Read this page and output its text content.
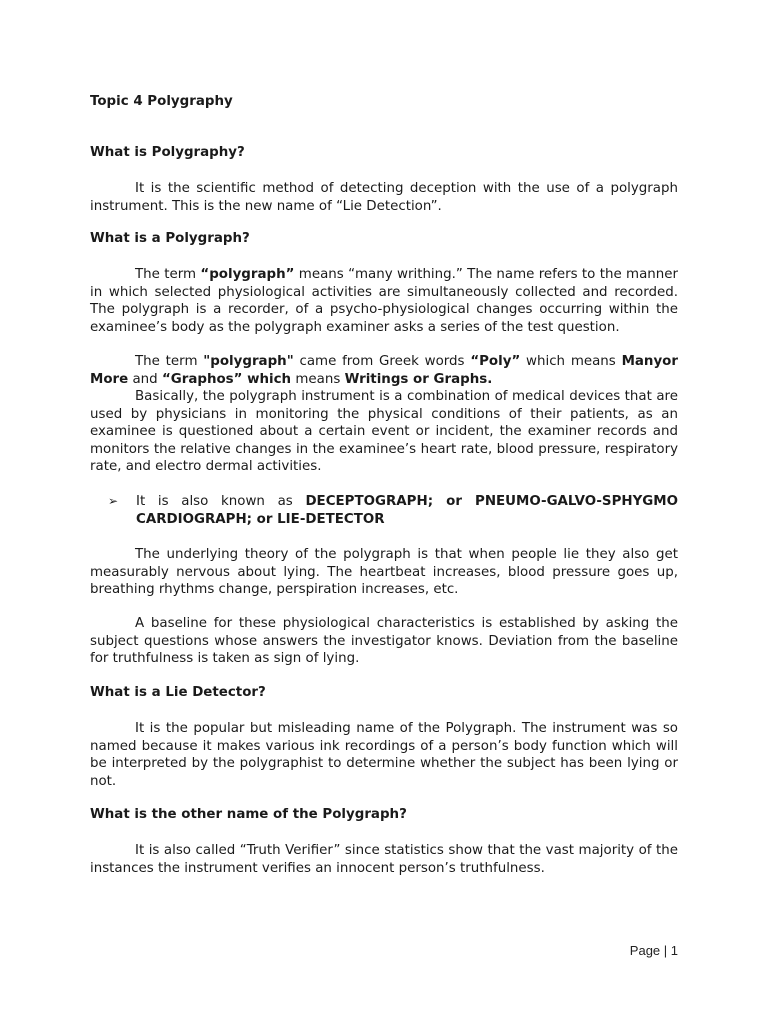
Topic 4 Polygraphy
What is Polygraphy?
It is the scientific method of detecting deception with the use of a polygraph instrument. This is the new name of “Lie Detection”.
What is a Polygraph?
The term “polygraph” means “many writhing.” The name refers to the manner in which selected physiological activities are simultaneously collected and recorded. The polygraph is a recorder, of a psycho-physiological changes occurring within the examinee’s body as the polygraph examiner asks a series of the test question.
The term "polygraph" came from Greek words “Poly” which means Manyor More and “Graphos” which means Writings or Graphs.
Basically, the polygraph instrument is a combination of medical devices that are used by physicians in monitoring the physical conditions of their patients, as an examinee is questioned about a certain event or incident, the examiner records and monitors the relative changes in the examinee’s heart rate, blood pressure, respiratory rate, and electro dermal activities.
➢ It is also known as DECEPTOGRAPH; or PNEUMO-GALVO-SPHYGMO CARDIOGRAPH; or LIE-DETECTOR
The underlying theory of the polygraph is that when people lie they also get measurably nervous about lying. The heartbeat increases, blood pressure goes up, breathing rhythms change, perspiration increases, etc.
A baseline for these physiological characteristics is established by asking the subject questions whose answers the investigator knows. Deviation from the baseline for truthfulness is taken as sign of lying.
What is a Lie Detector?
It is the popular but misleading name of the Polygraph. The instrument was so named because it makes various ink recordings of a person’s body function which will be interpreted by the polygraphist to determine whether the subject has been lying or not.
What is the other name of the Polygraph?
It is also called “Truth Verifier” since statistics show that the vast majority of the instances the instrument verifies an innocent person’s truthfulness.
Page | 1
